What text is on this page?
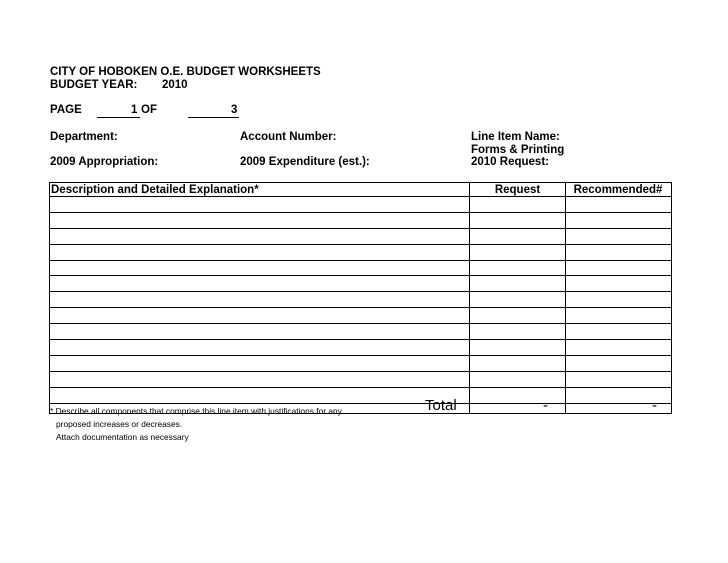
CITY OF HOBOKEN O.E. BUDGET WORKSHEETS
BUDGET YEAR: 2010
PAGE	1 OF	3
Department:	Account Number:	Line Item Name:
Forms & Printing
2009 Appropriation:	2009 Expenditure (est.):	2010 Request:
Description and Detailed Explanation*	Request	Recommended#
Total	-	-
* Describe all components that comprise this line item with justifications for any
proposed increases or decreases.
Attach documentation as necessary
